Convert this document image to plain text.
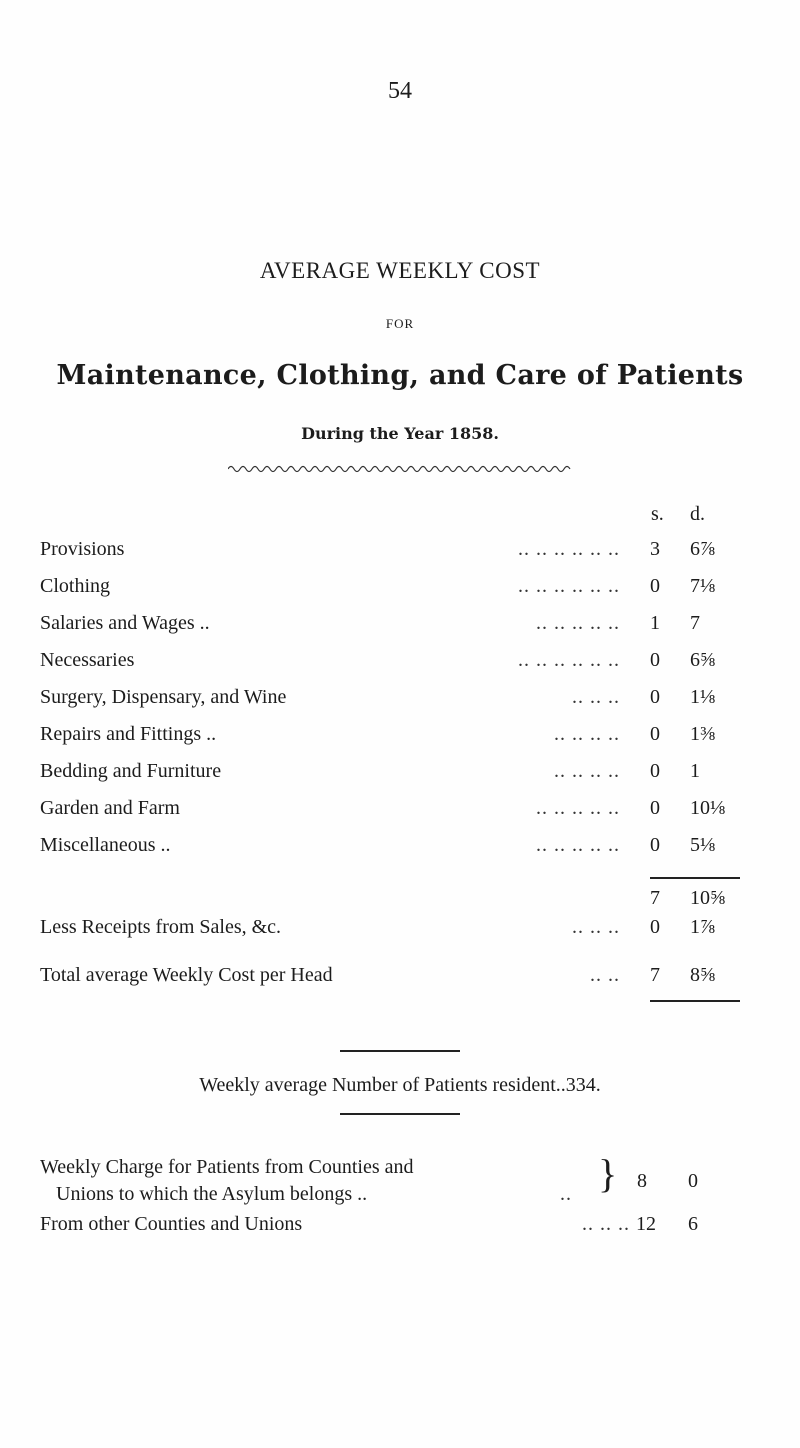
54
AVERAGE WEEKLY COST
FOR
Maintenance, Clothing, and Care of Patients
During the Year 1858.
s. d.
Provisions	.. .. .. .. .. ..	3	6⅞
Clothing	.. .. .. .. .. ..	0	7⅛
Salaries and Wages ..	.. .. .. .. ..	1	7
Necessaries	.. .. .. .. .. ..	0	6⅝
Surgery, Dispensary, and Wine	.. .. ..	0	1⅛
Repairs and Fittings ..	.. .. .. ..	0	1⅜
Bedding and Furniture	.. .. .. ..	0	1
Garden and Farm	.. .. .. .. ..	0	10⅛
Miscellaneous ..	.. .. .. .. ..	0	5⅛
7	10⅝
Less Receipts from Sales, &c.	.. .. ..	0	1⅞
Total average Weekly Cost per Head	.. ..	7	8⅝
Weekly average Number of Patients resident..334.
Weekly Charge for Patients from Counties and
Unions to which the Asylum belongs ..	.. } 8 0
From other Counties and Unions	.. .. .. 12 6
